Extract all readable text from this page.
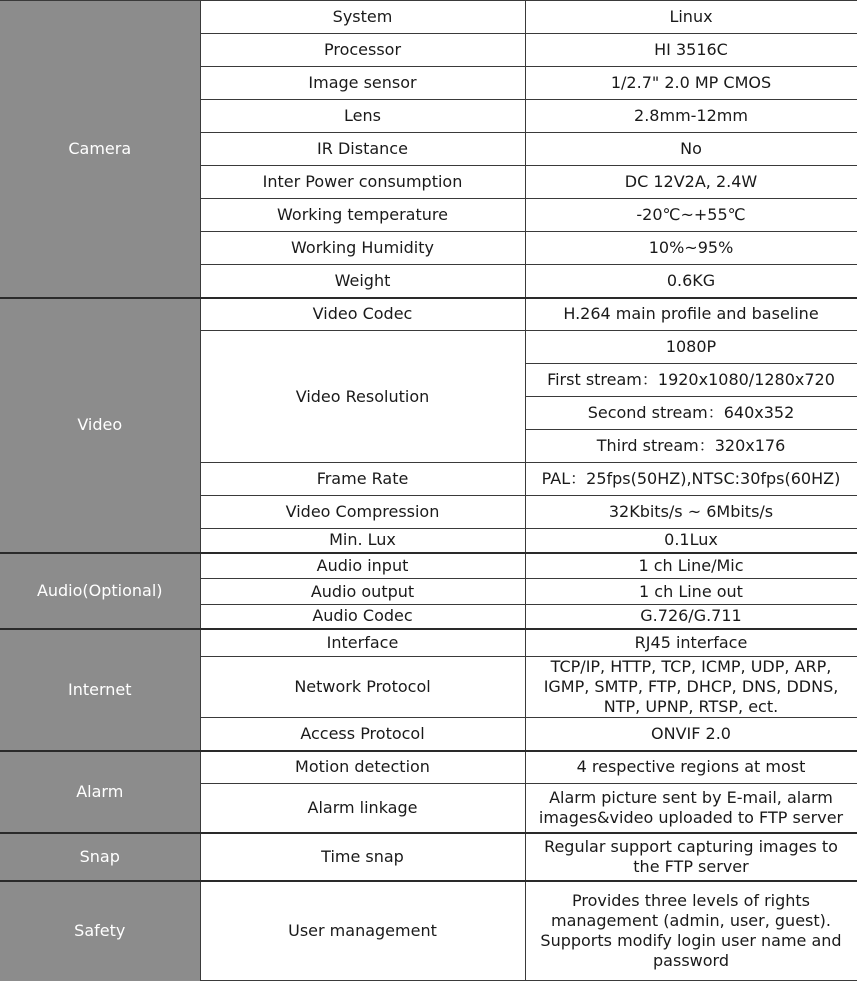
Camera	System	Linux
	Processor	HI 3516C
	Image sensor	1/2.7" 2.0 MP CMOS
	Lens	2.8mm-12mm
	IR Distance	No
	Inter Power consumption	DC 12V2A, 2.4W
	Working temperature	-20℃~+55℃
	Working Humidity	10%~95%
	Weight	0.6KG
Video	Video Codec	H.264 main profile and baseline
	Video Resolution	1080P
		First stream：1920x1080/1280x720
		Second stream：640x352
		Third stream：320x176
	Frame Rate	PAL：25fps(50HZ),NTSC:30fps(60HZ)
	Video Compression	32Kbits/s ~ 6Mbits/s
	Min. Lux	0.1Lux
Audio(Optional)	Audio input	1 ch Line/Mic
	Audio output	1 ch Line out
	Audio Codec	G.726/G.711
Internet	Interface	RJ45 interface
	Network Protocol	TCP/IP, HTTP, TCP, ICMP, UDP, ARP, IGMP, SMTP, FTP, DHCP, DNS, DDNS, NTP, UPNP, RTSP, ect.
	Access Protocol	ONVIF 2.0
Alarm	Motion detection	4 respective regions at most
	Alarm linkage	Alarm picture sent by E-mail, alarm images&video uploaded to FTP server
Snap	Time snap	Regular support capturing images to the FTP server
Safety	User management	Provides three levels of rights management (admin, user, guest). Supports modify login user name and password
